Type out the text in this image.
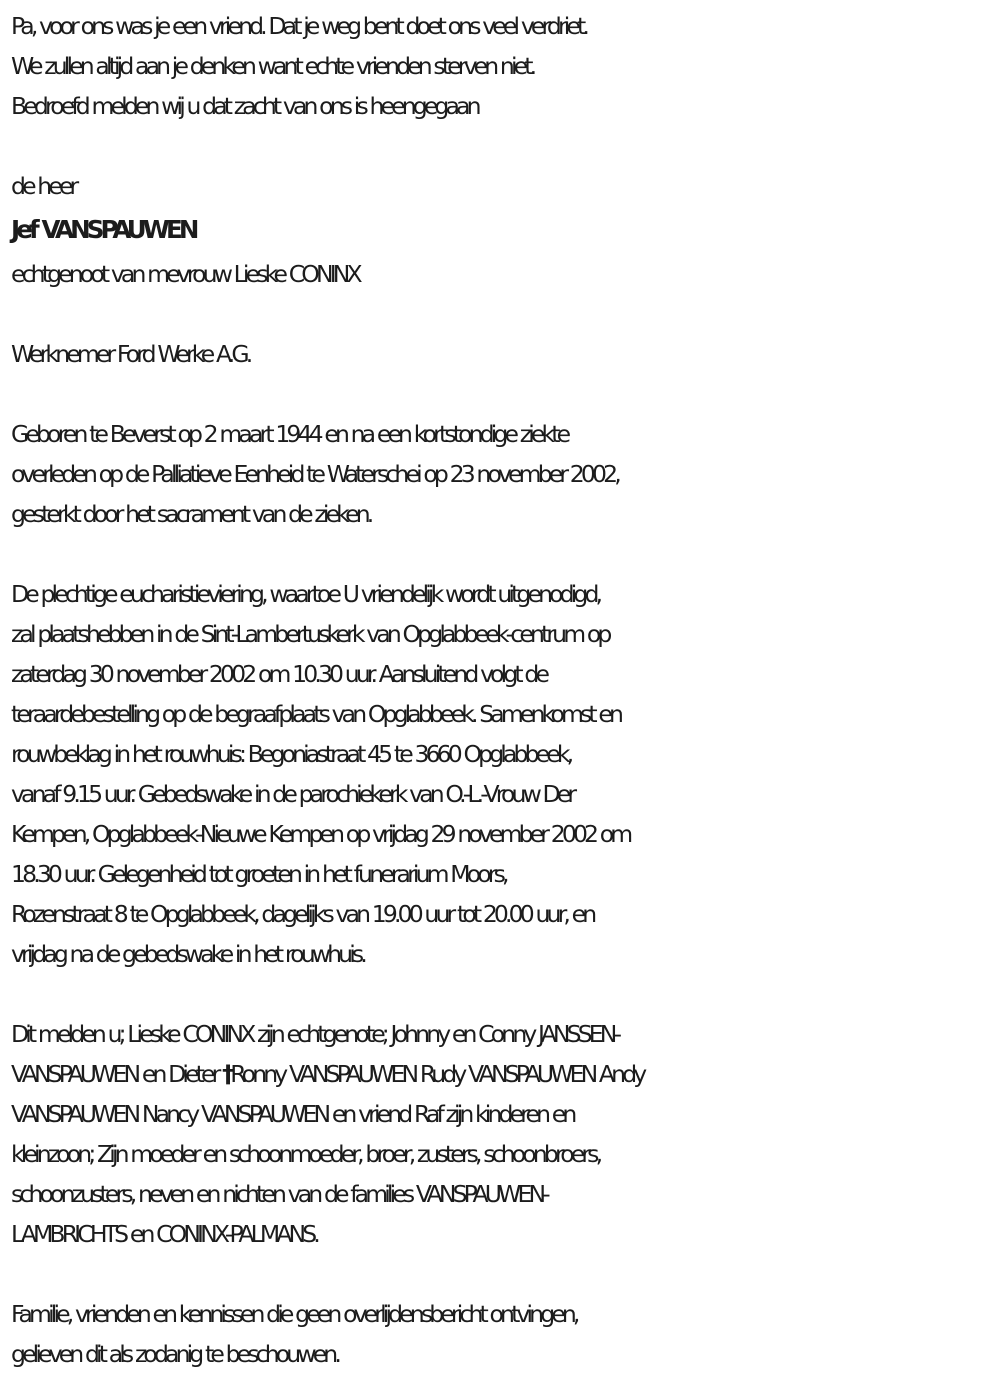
Pa, voor ons was je een vriend. Dat je weg bent doet ons veel verdriet.
We zullen altijd aan je denken want echte vrienden sterven niet.
Bedroefd melden wij u dat zacht van ons is heengegaan
de heer
Jef VANSPAUWEN
echtgenoot van mevrouw Lieske CONINX
Werknemer Ford Werke A.G.
Geboren te Beverst op 2 maart 1944 en na een kortstondige ziekte
overleden op de Palliatieve Eenheid te Waterschei op 23 november 2002,
gesterkt door het sacrament van de zieken.
De plechtige eucharistieviering, waartoe U vriendelijk wordt uitgenodigd,
zal plaatshebben in de Sint-Lambertuskerk van Opglabbeek-centrum op
zaterdag 30 november 2002 om 10.30 uur. Aansluitend volgt de
teraardebestelling op de begraafplaats van Opglabbeek. Samenkomst en
rouwbeklag in het rouwhuis: Begoniastraat 45 te 3660 Opglabbeek,
vanaf 9.15 uur. Gebedswake in de parochiekerk van O.-L.-Vrouw Der
Kempen, Opglabbeek-Nieuwe Kempen op vrijdag 29 november 2002 om
18.30 uur. Gelegenheid tot groeten in het funerarium Moors,
Rozenstraat 8 te Opglabbeek, dagelijks van 19.00 uur tot 20.00 uur, en
vrijdag na de gebedswake in het rouwhuis.
Dit melden u; Lieske CONINX zijn echtgenote; Johnny en Conny JANSSEN-
VANSPAUWEN en Dieter †Ronny VANSPAUWEN Rudy VANSPAUWEN Andy
VANSPAUWEN Nancy VANSPAUWEN en vriend Raf zijn kinderen en
kleinzoon; Zijn moeder en schoonmoeder, broer, zusters, schoonbroers,
schoonzusters, neven en nichten van de families VANSPAUWEN-
LAMBRICHTS en CONINX-PALMANS.
Familie, vrienden en kennissen die geen overlijdensbericht ontvingen,
gelieven dit als zodanig te beschouwen.
